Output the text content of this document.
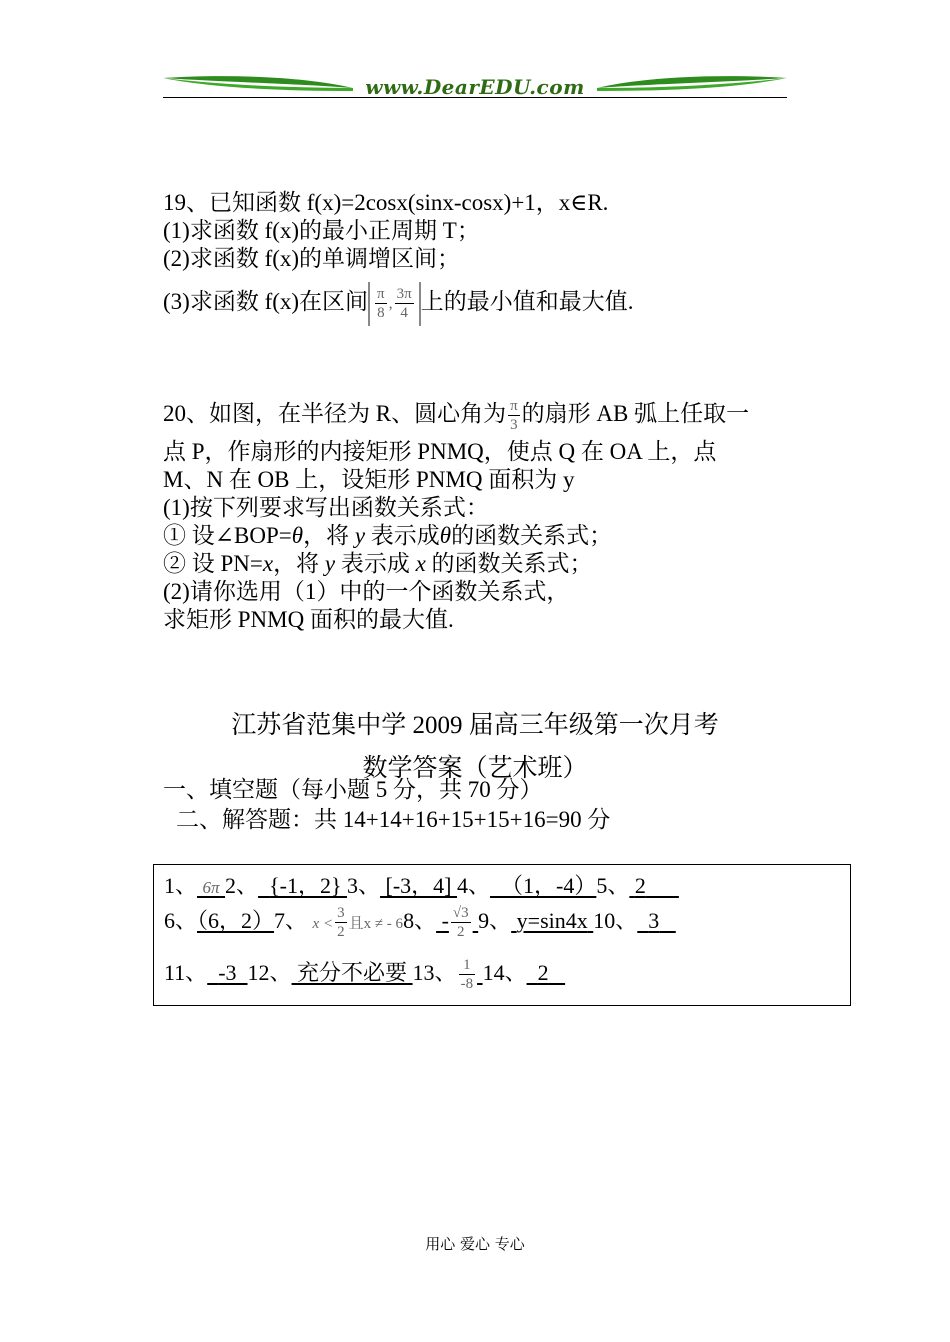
www.DearEDU.com
19、已知函数 f(x)=2cosx(sinx-cosx)+1，x∈R.
(1)求函数 f(x)的最小正周期 T；
(2)求函数 f(x)的单调增区间；
(3)求函数 f(x)在区间 $\frac{\pi}{8}$ , $\frac{3\pi}{4}$ 上的最小值和最大值.
20、如图，在半径为 R、圆心角为 $\frac{\pi}{3}$ 的扇形 AB 弧上任取一
点 P，作扇形的内接矩形 PNMQ，使点 Q 在 OA 上，点
M、N 在 OB 上，设矩形 PNMQ 面积为 y
(1)按下列要求写出函数关系式：
① 设∠BOP=θ，将 y 表示成θ的函数关系式；
② 设 PN=x，将 y 表示成 x 的函数关系式；
(2)请你选用（1）中的一个函数关系式，
求矩形 PNMQ 面积的最大值.
江苏省范集中学 2009 届高三年级第一次月考
数学答案（艺术班）
一、填空题（每小题 5 分，共 70 分）
二、解答题：共 14+14+16+15+15+16=90 分
1、 6π 2、 {-1，2} 3、 [-3，4] 4、 （1，-4）5、 2
6、（6，2）7、 $x < \frac{3}{2}$ 且x ≠ - 68、 - $\frac{√3}{2} 9$、 y=sin4x 10、 3
11、 -3 12、 充分不必要 13、 $\frac{1}{-8} 14$、 2
用心 爱心 专心
